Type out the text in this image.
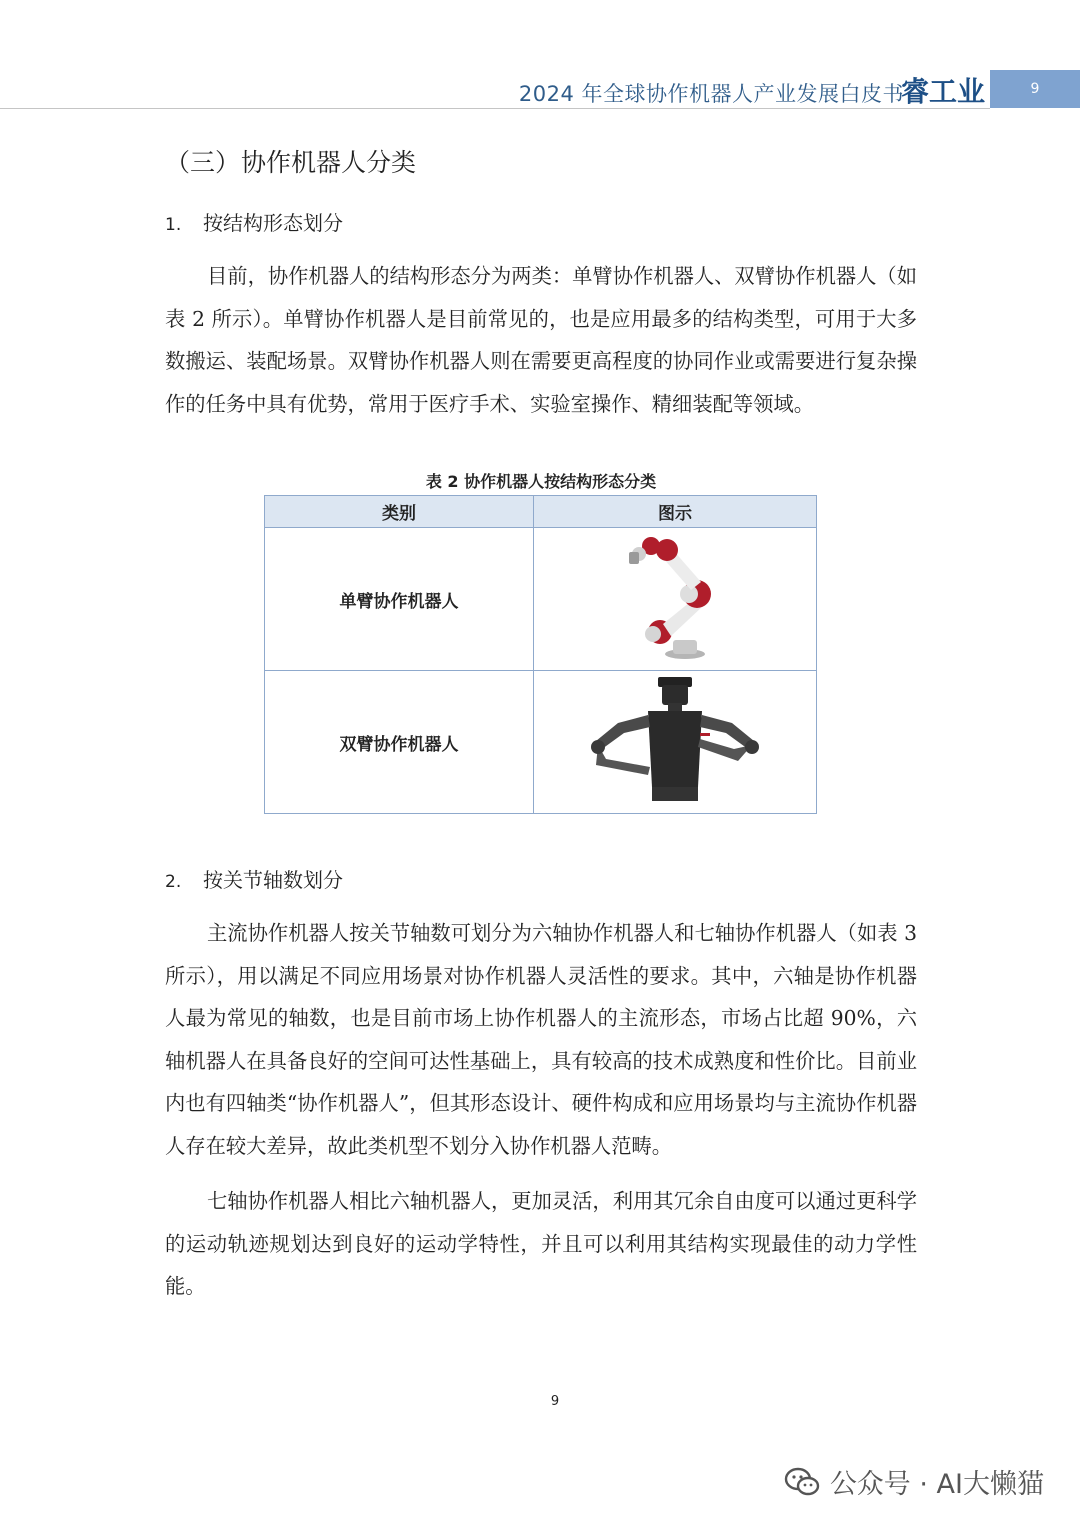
2024 年全球协作机器人产业发展白皮书
睿工业	9
（三）协作机器人分类
1. 按结构形态划分

目前，协作机器人的结构形态分为两类：单臂协作机器人、双臂协作机器人（如表 2 所示）。单臂协作机器人是目前常见的，也是应用最多的结构类型，可用于大多数搬运、装配场景。双臂协作机器人则在需要更高程度的协同作业或需要进行复杂操作的任务中具有优势，常用于医疗手术、实验室操作、精细装配等领域。

表 2 协作机器人按结构形态分类
类别	图示
单臂协作机器人	
双臂协作机器人	
2. 按关节轴数划分

主流协作机器人按关节轴数可划分为六轴协作机器人和七轴协作机器人（如表 3 所示），用以满足不同应用场景对协作机器人灵活性的要求。其中，六轴是协作机器人最为常见的轴数，也是目前市场上协作机器人的主流形态，市场占比超 90%，六轴机器人在具备良好的空间可达性基础上，具有较高的技术成熟度和性价比。目前业内也有四轴类“协作机器人”，但其形态设计、硬件构成和应用场景均与主流协作机器人存在较大差异，故此类机型不划分入协作机器人范畴。

七轴协作机器人相比六轴机器人，更加灵活，利用其冗余自由度可以通过更科学的运动轨迹规划达到良好的运动学特性，并且可以利用其结构实现最佳的动力学性能。

9
公众号 · AI大懒猫
